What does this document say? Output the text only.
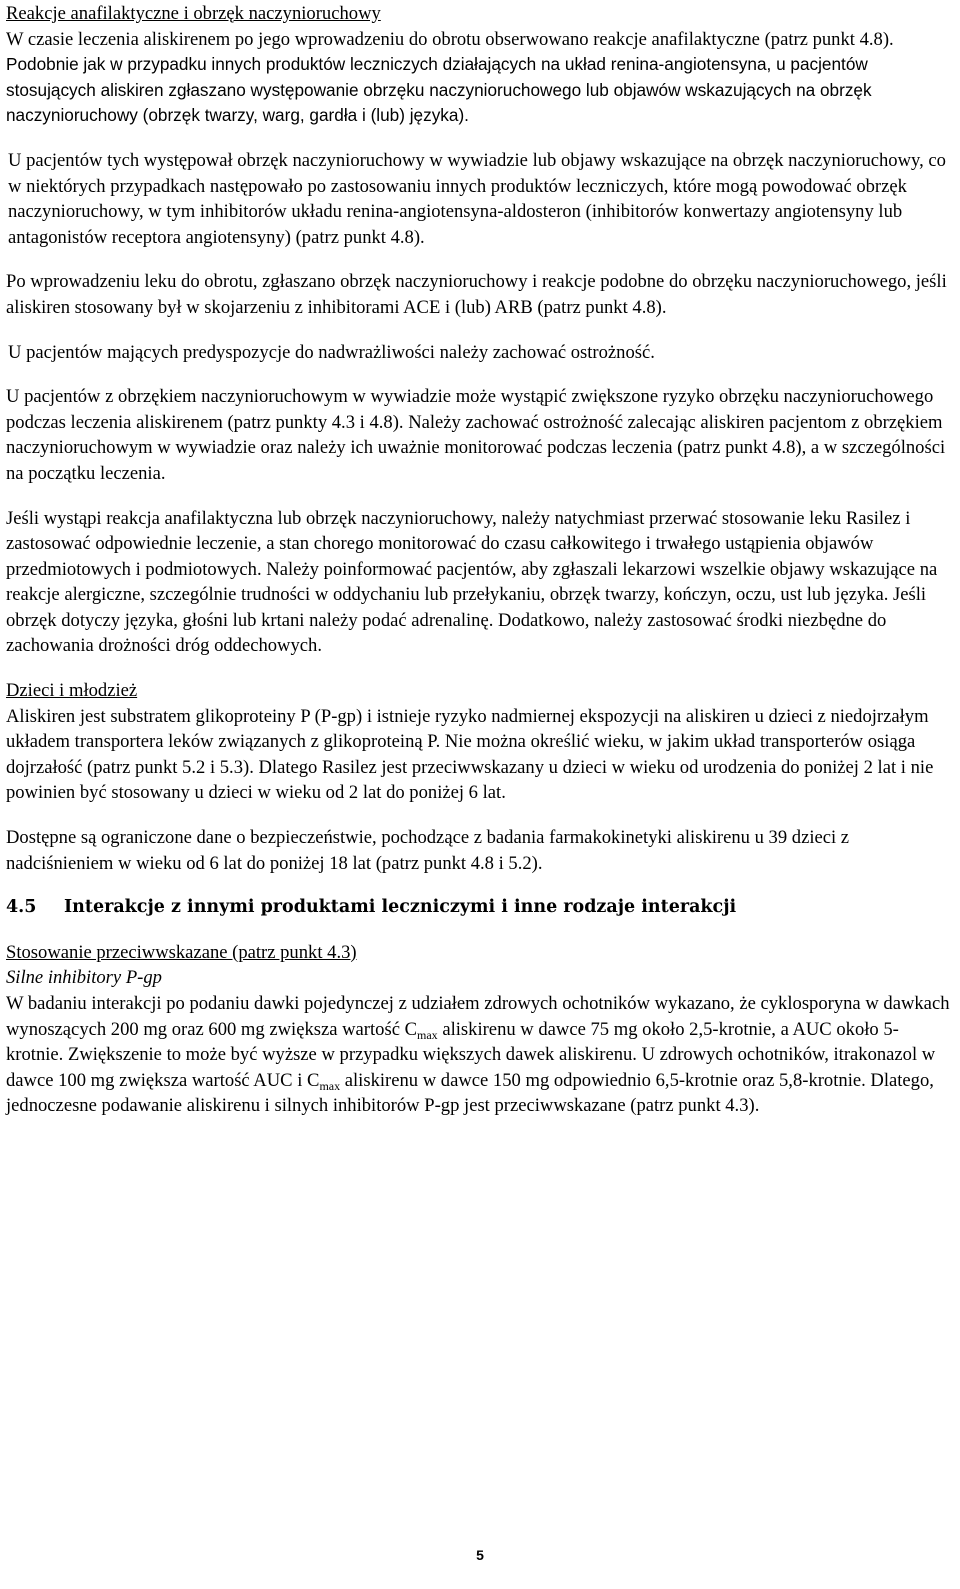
Reakcje anafilaktyczne i obrzęk naczynioruchowy

W czasie leczenia aliskirenem po jego wprowadzeniu do obrotu obserwowano reakcje anafilaktyczne (patrz punkt 4.8). Podobnie jak w przypadku innych produktów leczniczych działających na układ renina-angiotensyna, u pacjentów stosujących aliskiren zgłaszano występowanie obrzęku naczynioruchowego lub objawów wskazujących na obrzęk naczynioruchowy (obrzęk twarzy, warg, gardła i (lub) języka).

U pacjentów tych występował obrzęk naczynioruchowy w wywiadzie lub objawy wskazujące na obrzęk naczynioruchowy, co w niektórych przypadkach następowało po zastosowaniu innych produktów leczniczych, które mogą powodować obrzęk naczynioruchowy, w tym inhibitorów układu renina-angiotensyna-aldosteron (inhibitorów konwertazy angiotensyny lub antagonistów receptora angiotensyny) (patrz punkt 4.8).

Po wprowadzeniu leku do obrotu, zgłaszano obrzęk naczynioruchowy i reakcje podobne do obrzęku naczynioruchowego, jeśli aliskiren stosowany był w skojarzeniu z inhibitorami ACE i (lub) ARB (patrz punkt 4.8).

U pacjentów mających predyspozycje do nadwrażliwości należy zachować ostrożność.

U pacjentów z obrzękiem naczynioruchowym w wywiadzie może wystąpić zwiększone ryzyko obrzęku naczynioruchowego podczas leczenia aliskirenem (patrz punkty 4.3 i 4.8). Należy zachować ostrożność zalecając aliskiren pacjentom z obrzękiem naczynioruchowym w wywiadzie oraz należy ich uważnie monitorować podczas leczenia (patrz punkt 4.8), a w szczególności na początku leczenia.

Jeśli wystąpi reakcja anafilaktyczna lub obrzęk naczynioruchowy, należy natychmiast przerwać stosowanie leku Rasilez i zastosować odpowiednie leczenie, a stan chorego monitorować do czasu całkowitego i trwałego ustąpienia objawów przedmiotowych i podmiotowych. Należy poinformować pacjentów, aby zgłaszali lekarzowi wszelkie objawy wskazujące na reakcje alergiczne, szczególnie trudności w oddychaniu lub przełykaniu, obrzęk twarzy, kończyn, oczu, ust lub języka. Jeśli obrzęk dotyczy języka, głośni lub krtani należy podać adrenalinę. Dodatkowo, należy zastosować środki niezbędne do zachowania drożności dróg oddechowych.

Dzieci i młodzież

Aliskiren jest substratem glikoproteiny P (P-gp) i istnieje ryzyko nadmiernej ekspozycji na aliskiren u dzieci z niedojrzałym układem transportera leków związanych z glikoproteiną P. Nie można określić wieku, w jakim układ transporterów osiąga dojrzałość (patrz punkt 5.2 i 5.3). Dlatego Rasilez jest przeciwwskazany u dzieci w wieku od urodzenia do poniżej 2 lat i nie powinien być stosowany u dzieci w wieku od 2 lat do poniżej 6 lat.

Dostępne są ograniczone dane o bezpieczeństwie, pochodzące z badania farmakokinetyki aliskirenu u 39 dzieci z nadciśnieniem w wieku od 6 lat do poniżej 18 lat (patrz punkt 4.8 i 5.2).

4.5 Interakcje z innymi produktami leczniczymi i inne rodzaje interakcji

Stosowanie przeciwwskazane (patrz punkt 4.3)

Silne inhibitory P-gp

W badaniu interakcji po podaniu dawki pojedynczej z udziałem zdrowych ochotników wykazano, że cyklosporyna w dawkach wynoszących 200 mg oraz 600 mg zwiększa wartość $C_{max}$ aliskirenu w dawce 75 mg około 2,5-krotnie, a AUC około 5-krotnie. Zwiększenie to może być wyższe w przypadku większych dawek aliskirenu. U zdrowych ochotników, itrakonazol w dawce 100 mg zwiększa wartość AUC i $C_{max}$ aliskirenu w dawce 150 mg odpowiednio 6,5-krotnie oraz 5,8-krotnie. Dlatego, jednoczesne podawanie aliskirenu i silnych inhibitorów P-gp jest przeciwwskazane (patrz punkt 4.3).

5
